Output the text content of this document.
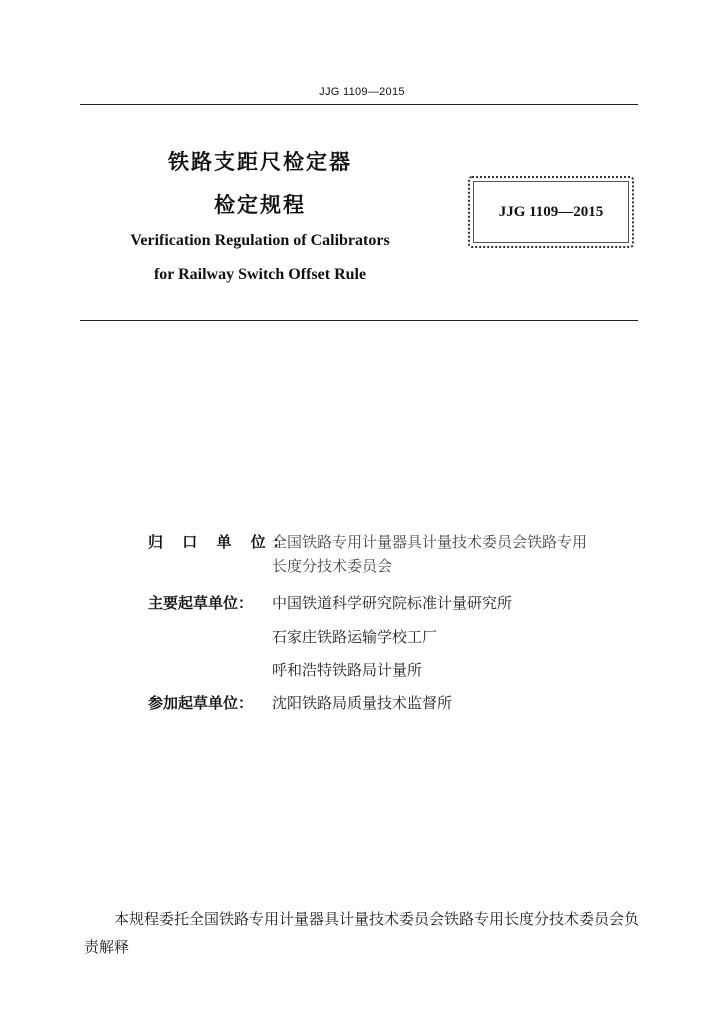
JJG 1109—2015
铁路支距尺检定器
检定规程
Verification Regulation of Calibrators
for Railway Switch Offset Rule
JJG 1109—2015
归 口 单 位：
全国铁路专用计量器具计量技术委员会铁路专用
长度分技术委员会
主要起草单位：	中国铁道科学研究院标准计量研究所
石家庄铁路运输学校工厂
呼和浩特铁路局计量所
参加起草单位：	沈阳铁路局质量技术监督所
本规程委托全国铁路专用计量器具计量技术委员会铁路专用长度分技术委员会负责解释
